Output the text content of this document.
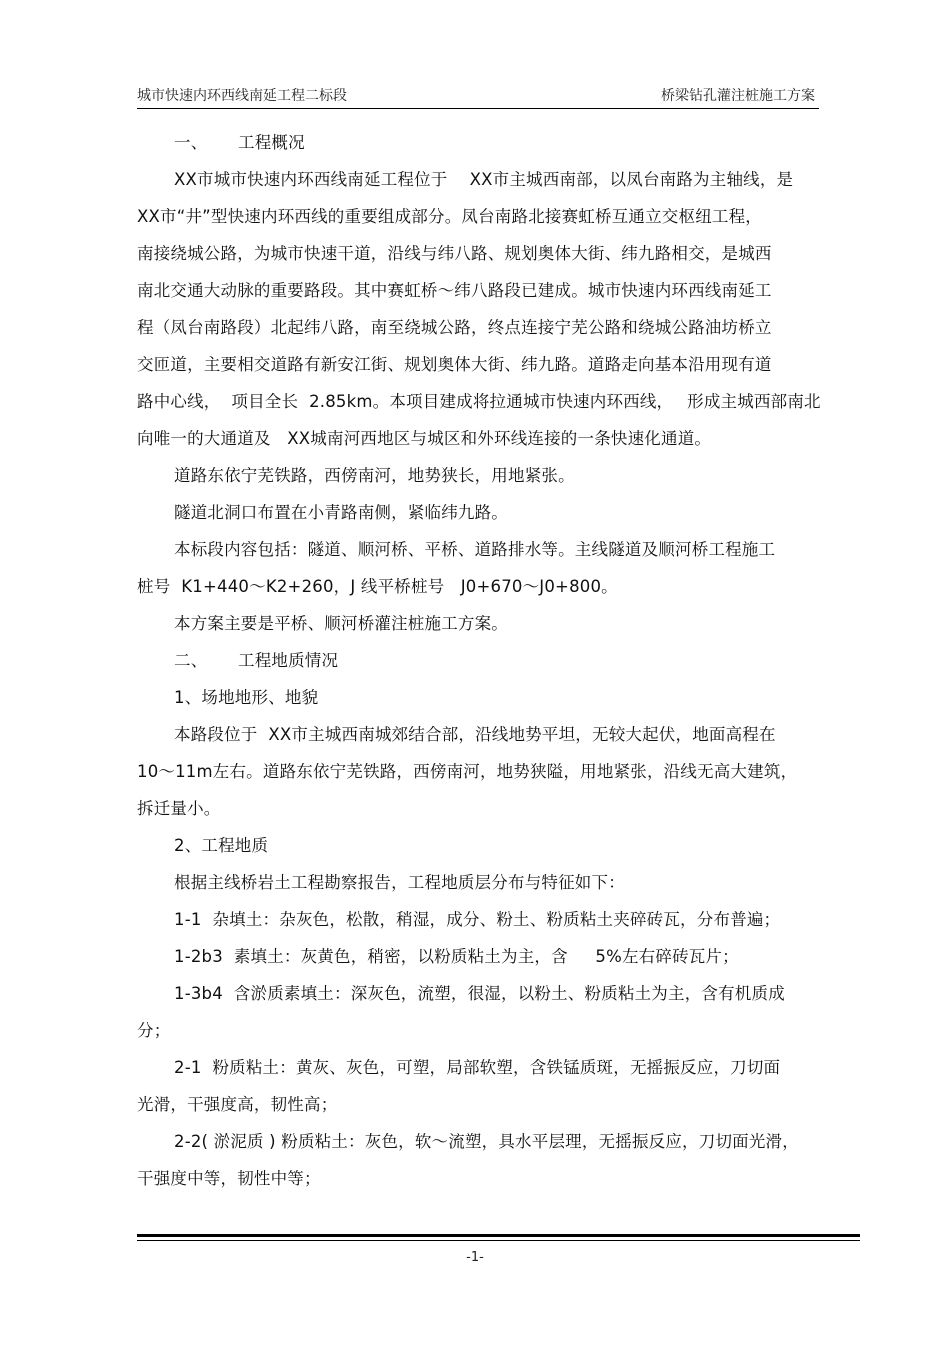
城市快速内环西线南延工程二标段	桥梁钻孔灌注桩施工方案

一、 工程概况

XX市城市快速内环西线南延工程位于　 XX市主城西南部，以凤台南路为主轴线，是

XX市“井”型快速内环西线的重要组成部分。凤台南路北接赛虹桥互通立交枢纽工程，

南接绕城公路，为城市快速干道，沿线与纬八路、规划奥体大街、纬九路相交，是城西

南北交通大动脉的重要路段。其中赛虹桥～纬八路段已建成。城市快速内环西线南延工

程（凤台南路段）北起纬八路，南至绕城公路，终点连接宁芜公路和绕城公路油坊桥立

交匝道，主要相交道路有新安江街、规划奥体大街、纬九路。道路走向基本沿用现有道

路中心线，  项目全长  2.85km。本项目建成将拉通城市快速内环西线，　 形成主城西部南北

向唯一的大通道及　XX城南河西地区与城区和外环线连接的一条快速化通道。

道路东依宁芜铁路，西傍南河，地势狭长，用地紧张。

隧道北洞口布置在小青路南侧，紧临纬九路。

本标段内容包括：隧道、顺河桥、平桥、道路排水等。主线隧道及顺河桥工程施工

桩号  K1+440～K2+260，J 线平桥桩号   J0+670～J0+800。

本方案主要是平桥、顺河桥灌注桩施工方案。

二、 工程地质情况

1、场地地形、地貌

本路段位于  XX市主城西南城郊结合部，沿线地势平坦，无较大起伏，地面高程在

10～11m左右。道路东依宁芜铁路，西傍南河，地势狭隘，用地紧张，沿线无高大建筑，

拆迁量小。

2、工程地质

根据主线桥岩土工程勘察报告，工程地质层分布与特征如下：

1-1  杂填土：杂灰色，松散，稍湿，成分、粉土、粉质粘土夹碎砖瓦，分布普遍；

1-2b3  素填土：灰黄色，稍密，以粉质粘土为主，含　  5%左右碎砖瓦片；

1-3b4  含淤质素填土：深灰色，流塑，很湿，以粉土、粉质粘土为主，含有机质成

分；

2-1  粉质粘土：黄灰、灰色，可塑，局部软塑，含铁锰质斑，无摇振反应，刀切面

光滑，干强度高，韧性高；

2-2( 淤泥质 ) 粉质粘土：灰色，软～流塑，具水平层理，无摇振反应，刀切面光滑，

干强度中等，韧性中等；

-1-
